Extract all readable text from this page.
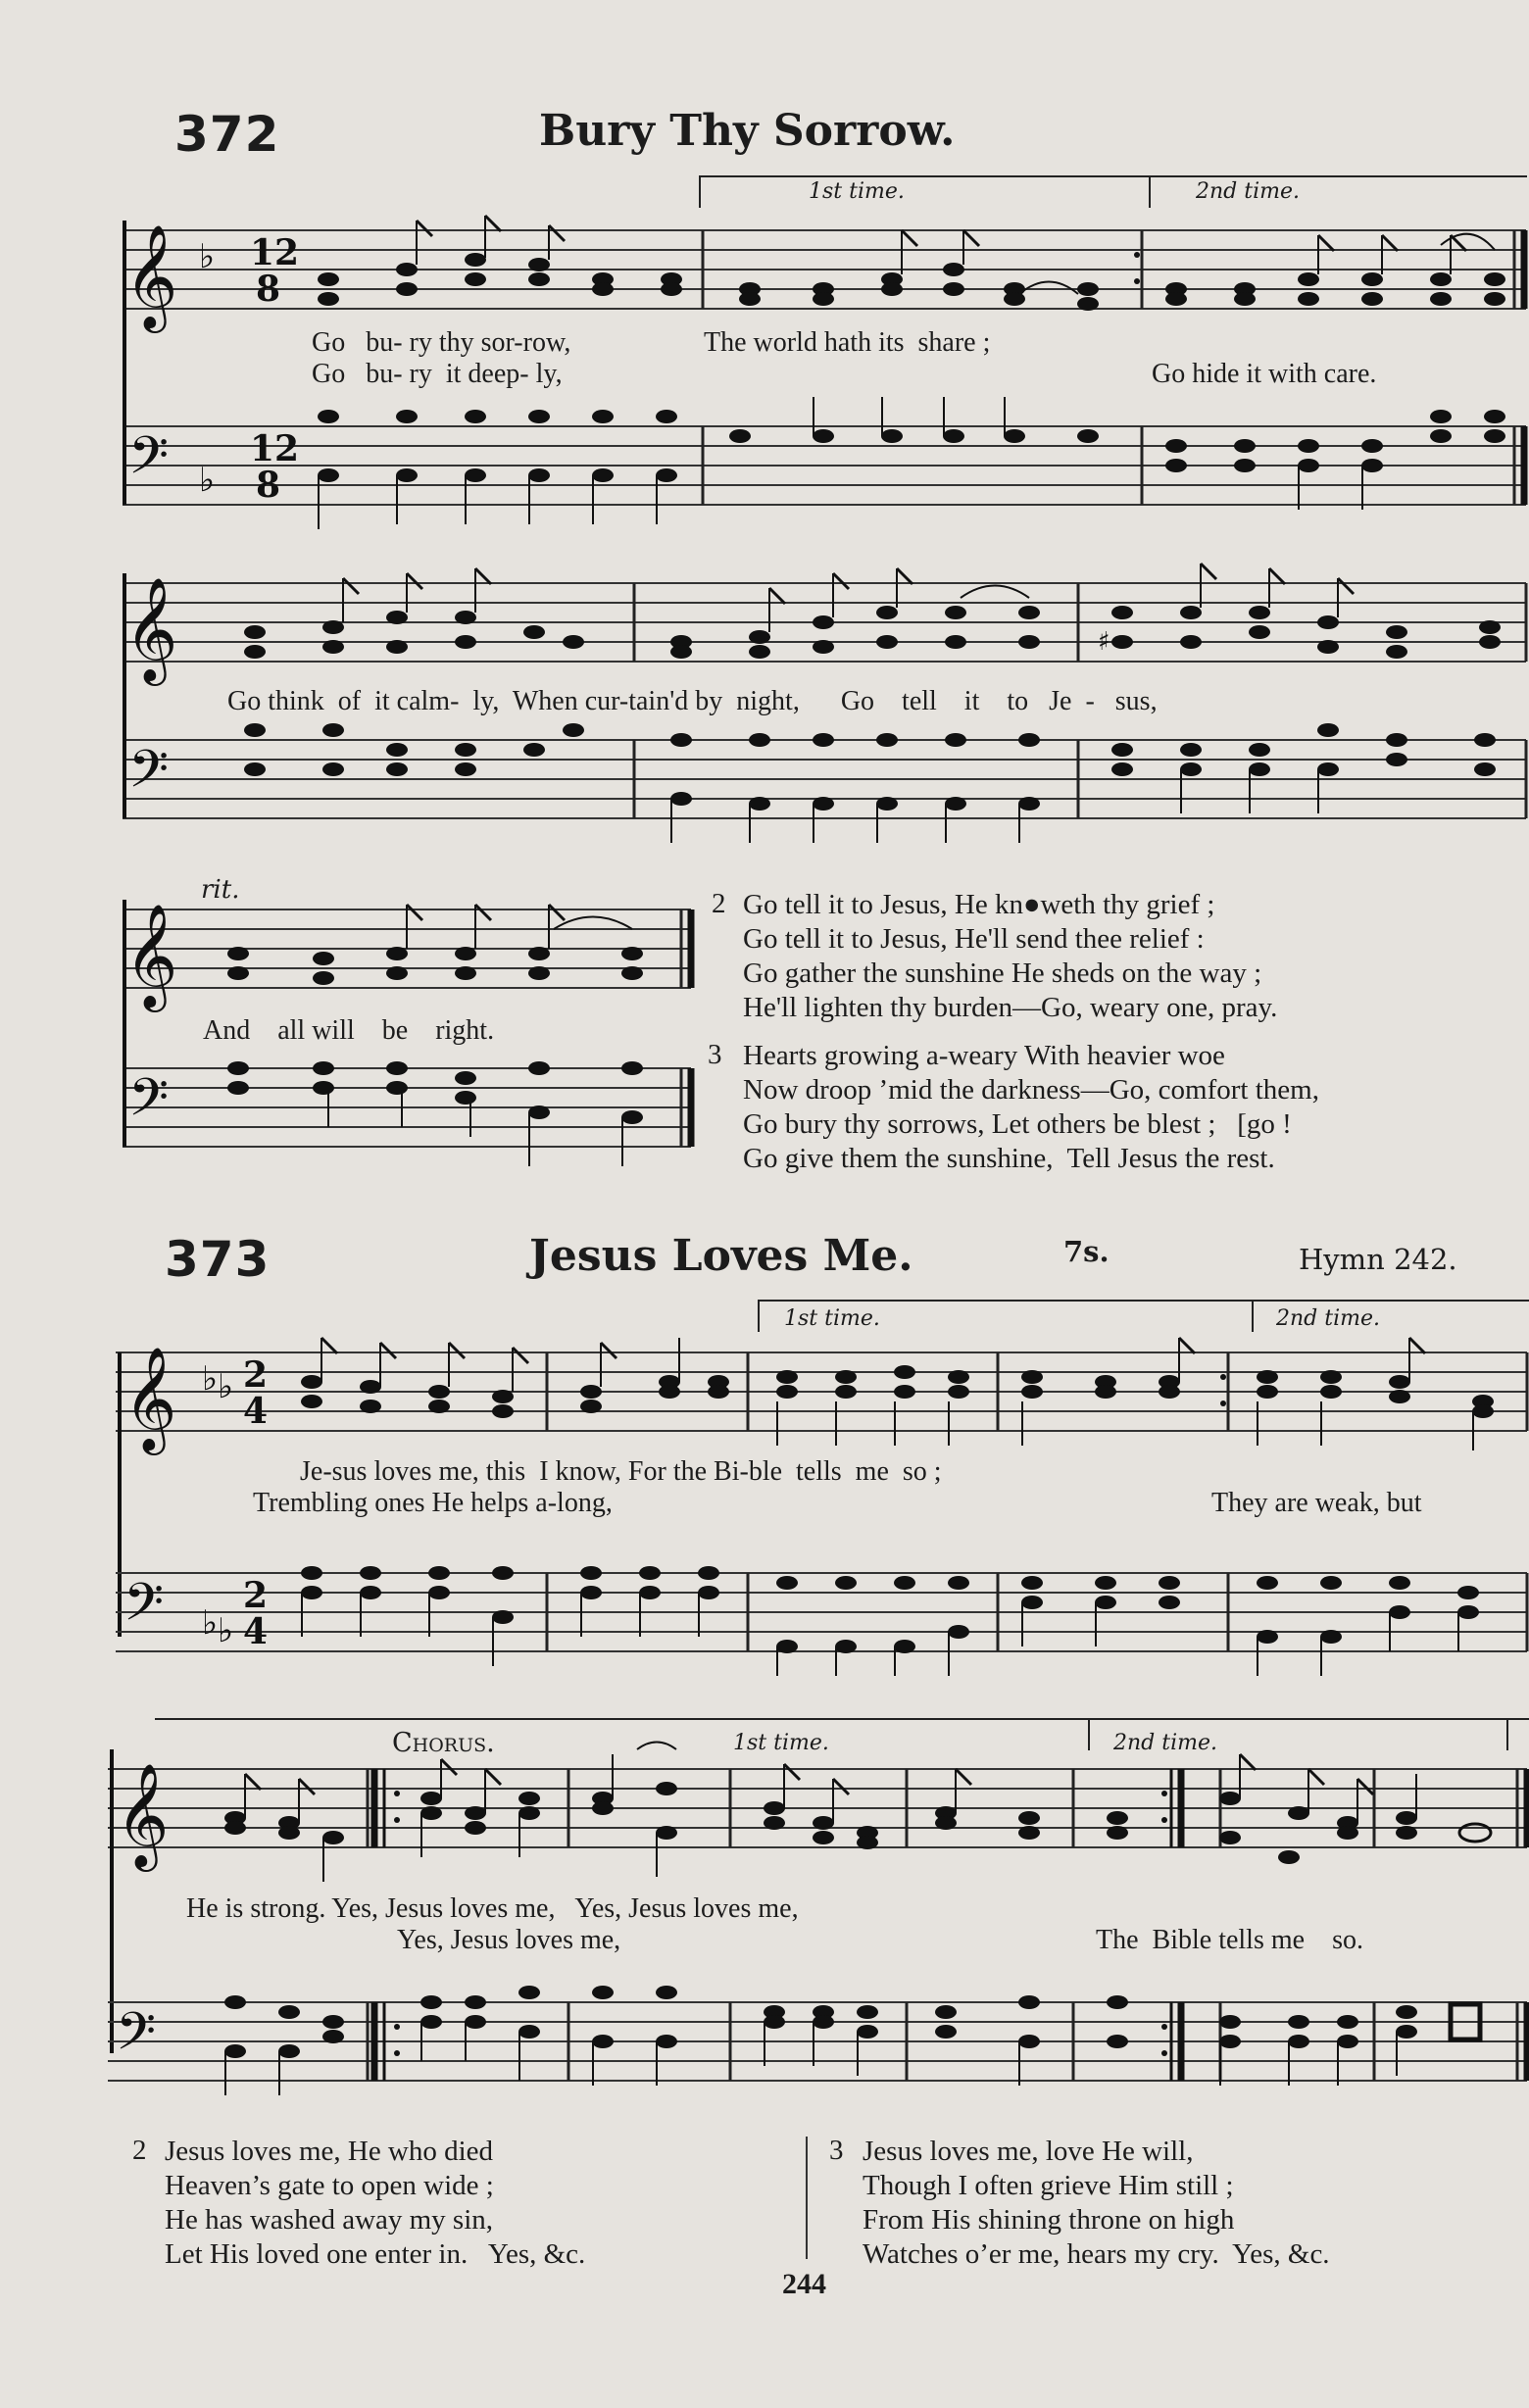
372	Bury Thy Sorrow.
1st time.	2nd time.
𝄞 ♭ 12
8
Go   bu- ry thy sor-row,	The world hath its  share ;
Go   bu- ry  it deep- ly,	Go hide it with care.
𝄢 ♭
12
8
𝄞	♯
Go think  of  it calm-  ly,  When cur-tain'd by  night,      Go    tell    it    to   Je  -   sus,
𝄢
rit.
𝄞
And    all will    be    right.
𝄢
2 Go tell it to Jesus, He kn●weth thy grief ;
Go tell it to Jesus, He'll send thee relief :
Go gather the sunshine He sheds on the way ;
He'll lighten thy burden—Go, weary one, pray.
3 Hearts growing a-weary With heavier woe
Now droop ’mid the darkness—Go, comfort them,
Go bury thy sorrows, Let others be blest ;   [go !
Go give them the sunshine,  Tell Jesus the rest.
373	Jesus Loves Me.	7s.	Hymn 242.
1st time.	2nd time.
𝄞 ♭ ♭ 2
4
Je-sus loves me, this  I know, For the Bi-ble  tells  me  so ;
Trembling ones He helps a-long,	They are weak, but
𝄢 ♭ ♭
2
4
Chorus.	1st time.	2nd time.
𝄞
He is strong. Yes, Jesus loves me,   Yes, Jesus loves me,
Yes, Jesus loves me,	The  Bible tells me    so.
𝄢
2 Jesus loves me, He who died
Heaven’s gate to open wide ;
He has washed away my sin,
Let His loved one enter in.   Yes, &c.
3 Jesus loves me, love He will,
Though I often grieve Him still ;
From His shining throne on high
Watches o’er me, hears my cry.  Yes, &c.
244
